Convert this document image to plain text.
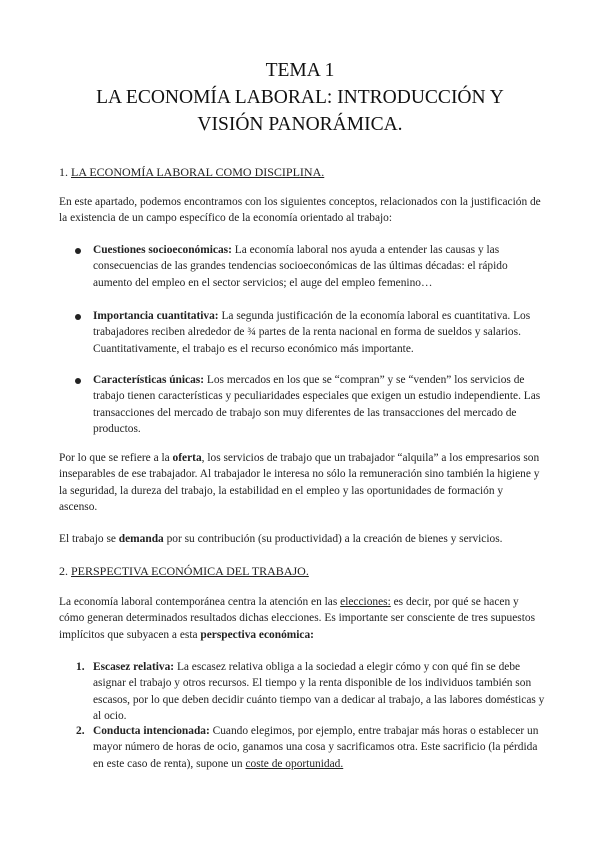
TEMA 1
LA ECONOMÍA LABORAL: INTRODUCCIÓN Y
VISIÓN PANORÁMICA.
1. LA ECONOMÍA LABORAL COMO DISCIPLINA.
En este apartado, podemos encontramos con los siguientes conceptos, relacionados con la justificación de la existencia de un campo específico de la economía orientado al trabajo:
Cuestiones socioeconómicas: La economía laboral nos ayuda a entender las causas y las consecuencias de las grandes tendencias socioeconómicas de las últimas décadas: el rápido aumento del empleo en el sector servicios; el auge del empleo femenino…
Importancia cuantitativa: La segunda justificación de la economía laboral es cuantitativa. Los trabajadores reciben alrededor de ¾ partes de la renta nacional en forma de sueldos y salarios. Cuantitativamente, el trabajo es el recurso económico más importante.
Características únicas: Los mercados en los que se “compran” y se “venden” los servicios de trabajo tienen características y peculiaridades especiales que exigen un estudio independiente. Las transacciones del mercado de trabajo son muy diferentes de las transacciones del mercado de productos.
Por lo que se refiere a la oferta, los servicios de trabajo que un trabajador “alquila” a los empresarios son inseparables de ese trabajador. Al trabajador le interesa no sólo la remuneración sino también la higiene y la seguridad, la dureza del trabajo, la estabilidad en el empleo y las oportunidades de formación y ascenso.
El trabajo se demanda por su contribución (su productividad) a la creación de bienes y servicios.
2. PERSPECTIVA ECONÓMICA DEL TRABAJO.
La economía laboral contemporánea centra la atención en las elecciones: es decir, por qué se hacen y cómo generan determinados resultados dichas elecciones. Es importante ser consciente de tres supuestos implícitos que subyacen a esta perspectiva económica:
1. Escasez relativa: La escasez relativa obliga a la sociedad a elegir cómo y con qué fin se debe asignar el trabajo y otros recursos. El tiempo y la renta disponible de los individuos también son escasos, por lo que deben decidir cuánto tiempo van a dedicar al trabajo, a las labores domésticas y al ocio.
2. Conducta intencionada: Cuando elegimos, por ejemplo, entre trabajar más horas o establecer un mayor número de horas de ocio, ganamos una cosa y sacrificamos otra. Este sacrificio (la pérdida en este caso de renta), supone un coste de oportunidad.
